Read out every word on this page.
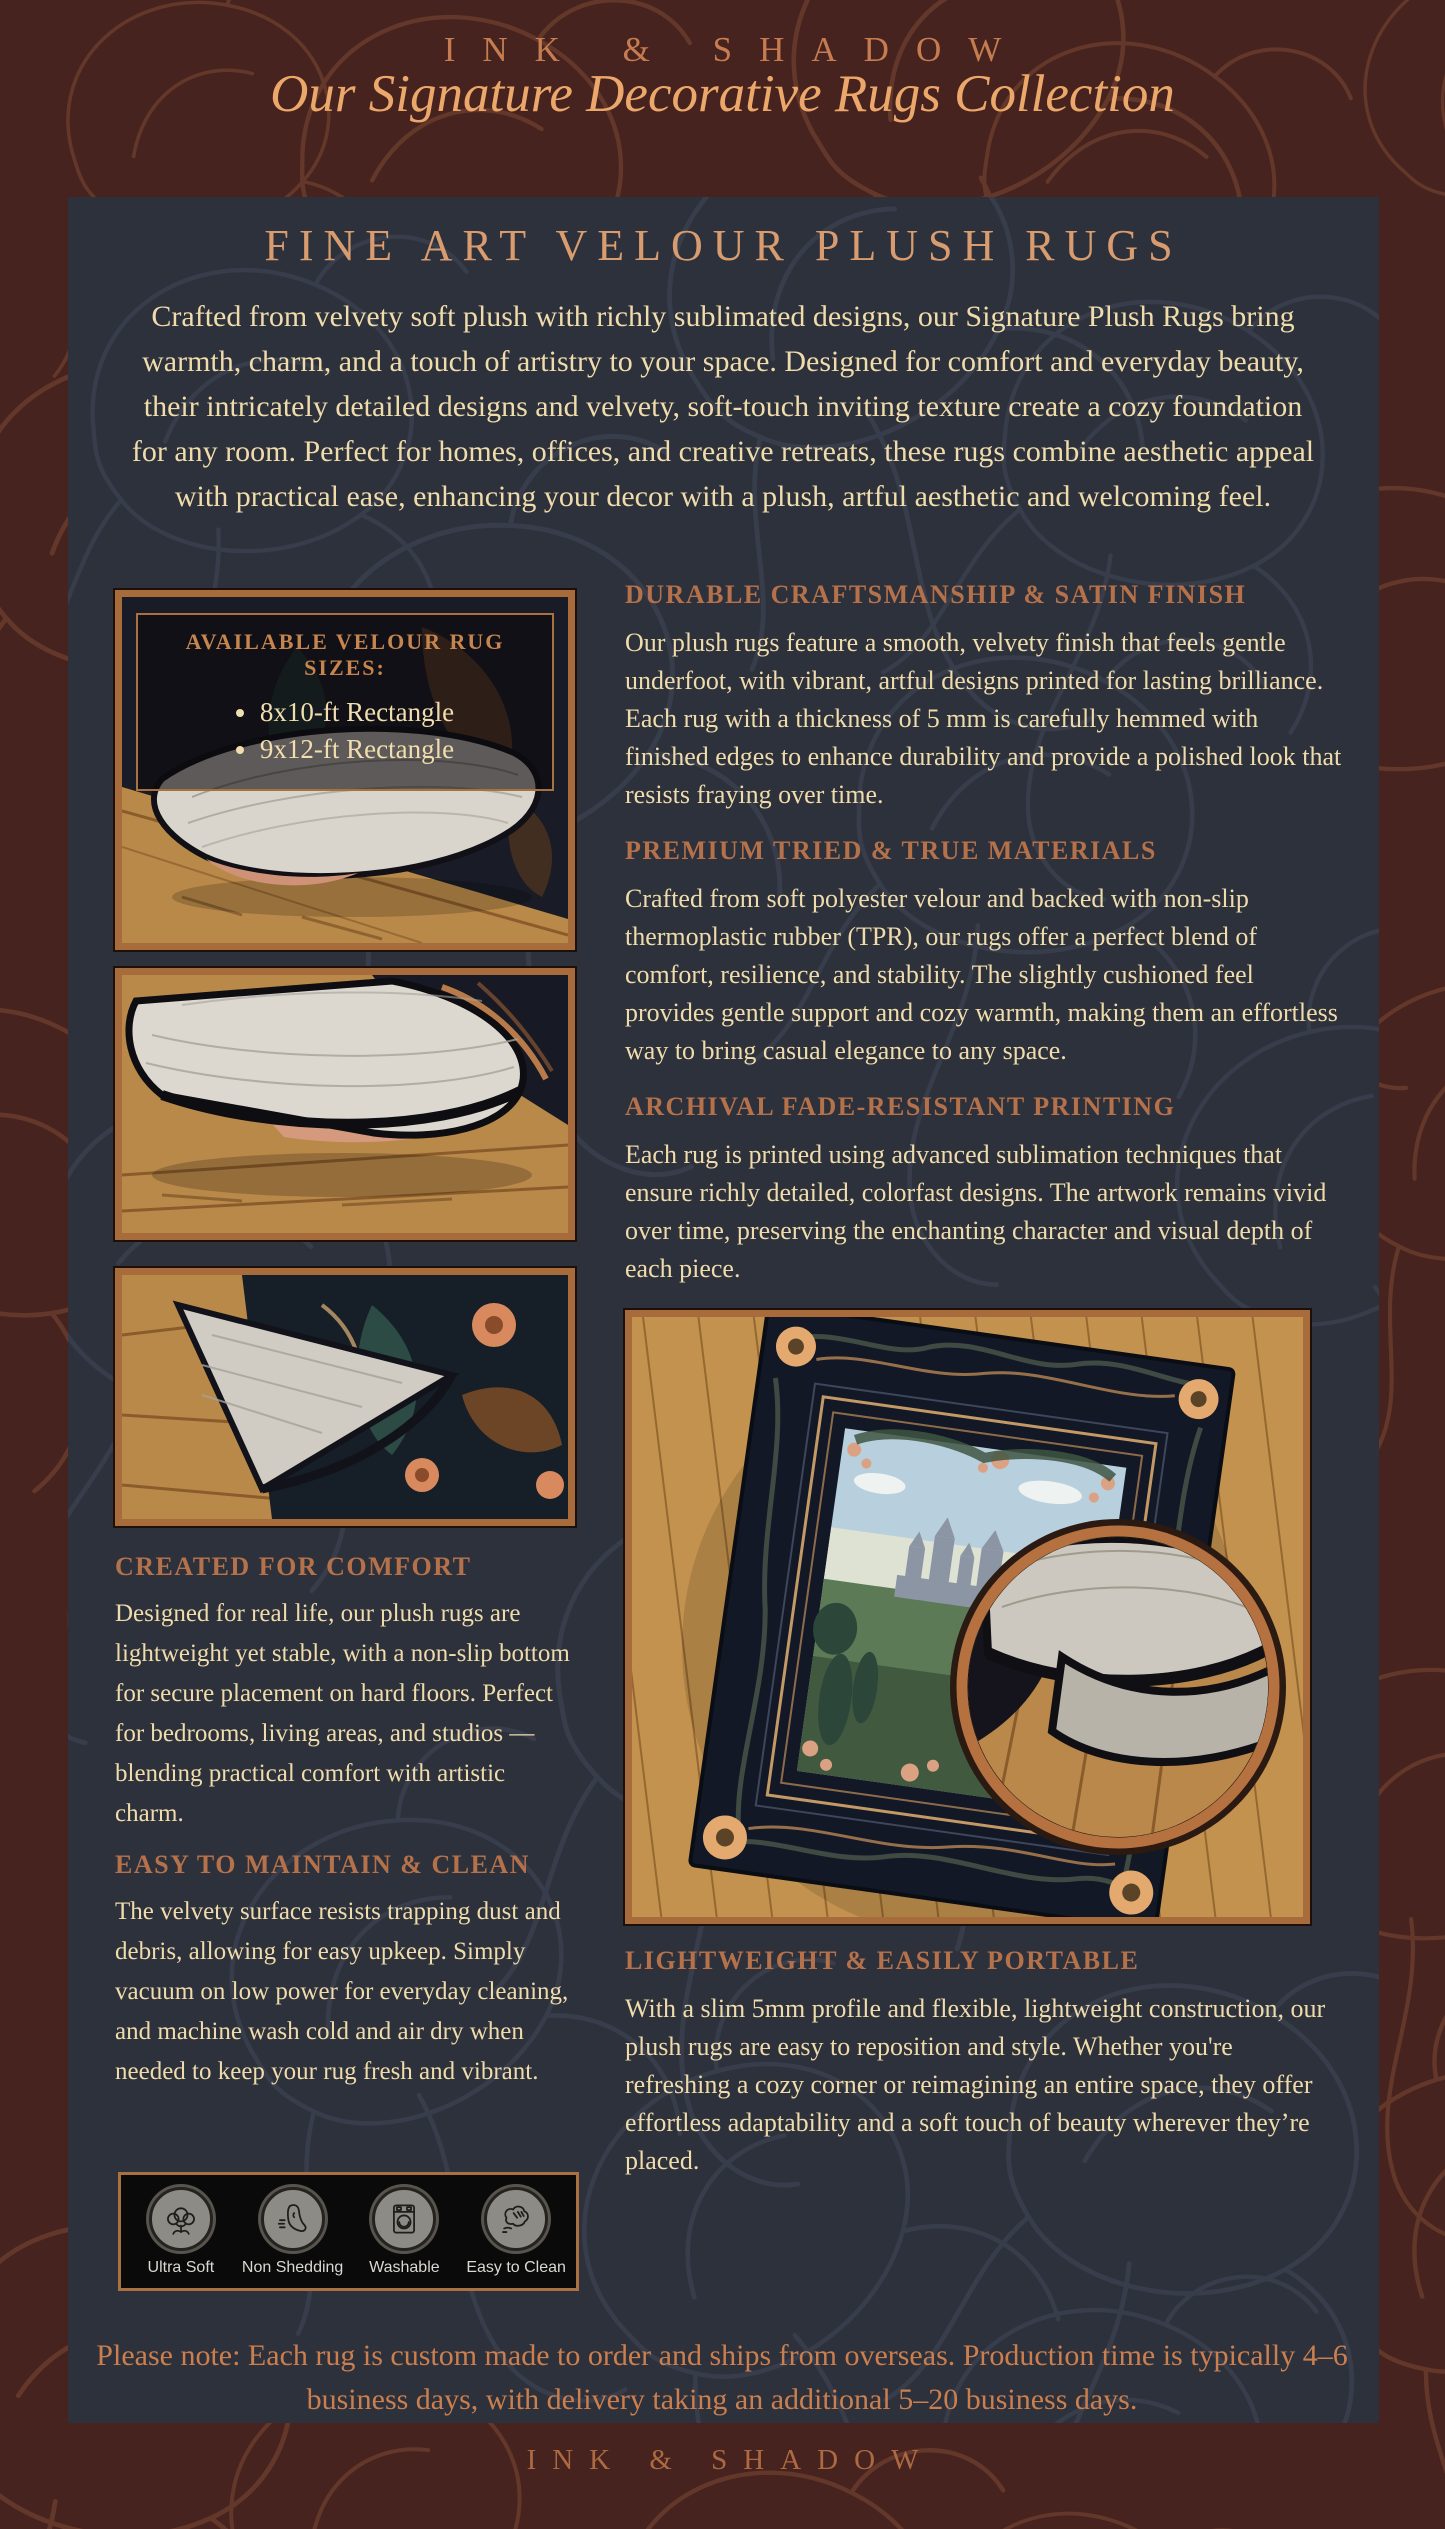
INK & SHADOW
Our Signature Decorative Rugs Collection
FINE ART VELOUR PLUSH RUGS

Crafted from velvety soft plush with richly sublimated designs, our Signature Plush Rugs bring warmth, charm, and a touch of artistry to your space. Designed for comfort and everyday beauty, their intricately detailed designs and velvety, soft-touch inviting texture create a cozy foundation for any room. Perfect for homes, offices, and creative retreats, these rugs combine aesthetic appeal with practical ease, enhancing your decor with a plush, artful aesthetic and welcoming feel.

AVAILABLE VELOUR RUG SIZES:
8x10-ft Rectangle
9x12-ft Rectangle
CREATED FOR COMFORT

Designed for real life, our plush rugs are lightweight yet stable, with a non-slip bottom for secure placement on hard floors. Perfect for bedrooms, living areas, and studios — blending practical comfort with artistic charm.

EASY TO MAINTAIN & CLEAN

The velvety surface resists trapping dust and debris, allowing for easy upkeep. Simply vacuum on low power for everyday cleaning, and machine wash cold and air dry when needed to keep your rug fresh and vibrant.

Ultra Soft Non Shedding Washable Easy to Clean
DURABLE CRAFTSMANSHIP & SATIN FINISH

Our plush rugs feature a smooth, velvety finish that feels gentle underfoot, with vibrant, artful designs printed for lasting brilliance. Each rug with a thickness of 5 mm is carefully hemmed with finished edges to enhance durability and provide a polished look that resists fraying over time.

PREMIUM TRIED & TRUE MATERIALS

Crafted from soft polyester velour and backed with non-slip thermoplastic rubber (TPR), our rugs offer a perfect blend of comfort, resilience, and stability. The slightly cushioned feel provides gentle support and cozy warmth, making them an effortless way to bring casual elegance to any space.

ARCHIVAL FADE-RESISTANT PRINTING

Each rug is printed using advanced sublimation techniques that ensure richly detailed, colorfast designs. The artwork remains vivid over time, preserving the enchanting character and visual depth of each piece.

LIGHTWEIGHT & EASILY PORTABLE

With a slim 5mm profile and flexible, lightweight construction, our plush rugs are easy to reposition and style. Whether you're refreshing a cozy corner or reimagining an entire space, they offer effortless adaptability and a soft touch of beauty wherever they’re placed.

Please note: Each rug is custom made to order and ships from overseas. Production time is typically 4–6 business days, with delivery taking an additional 5–20 business days.
INK & SHADOW
